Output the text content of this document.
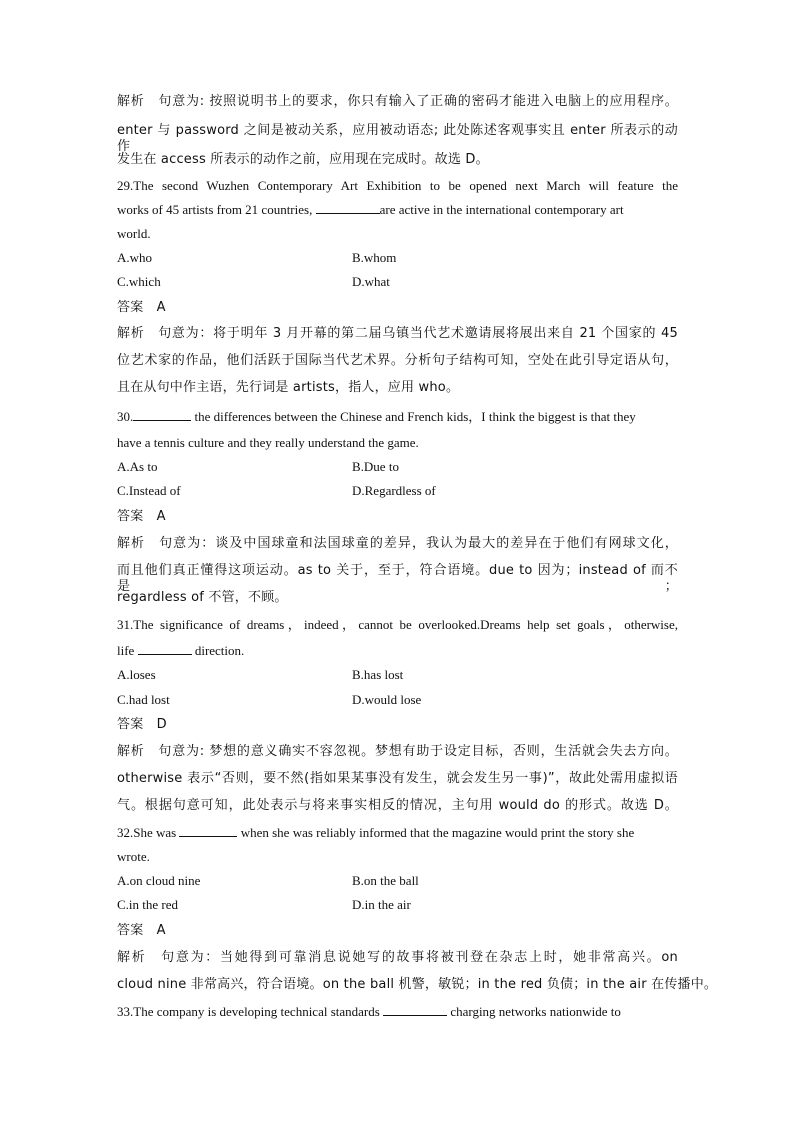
解析　句意为: 按照说明书上的要求，你只有输入了正确的密码才能进入电脑上的应用程序。
enter 与 password 之间是被动关系，应用被动语态; 此处陈述客观事实且 enter 所表示的动作
发生在 access 所表示的动作之前，应用现在完成时。故选 D。
29.The second Wuzhen Contemporary Art Exhibition to be opened next March will feature the
works of 45 artists from 21 countries,	are active in the international contemporary art
world.
A.who	B.whom
C.which	D.what
答案　A
解析　句意为：将于明年 3 月开幕的第二届乌镇当代艺术邀请展将展出来自 21 个国家的 45
位艺术家的作品，他们活跃于国际当代艺术界。分析句子结构可知，空处在此引导定语从句，
且在从句中作主语，先行词是 artists，指人，应用 who。
30.	the differences between the Chinese and French kids，I think the biggest is that they
have a tennis culture and they really understand the game.
A.As to	B.Due to
C.Instead of	D.Regardless of
答案　A
解析　句意为：谈及中国球童和法国球童的差异，我认为最大的差异在于他们有网球文化，
而且他们真正懂得这项运动。as to 关于，至于，符合语境。due to 因为；instead of 而不是；
regardless of 不管，不顾。
31.The significance of dreams，indeed，cannot be overlooked.Dreams help set goals，otherwise,
life	direction.
A.loses	B.has lost
C.had lost	D.would lose
答案　D
解析　句意为: 梦想的意义确实不容忽视。梦想有助于设定目标，否则，生活就会失去方向。
otherwise 表示“否则，要不然(指如果某事没有发生，就会发生另一事)”，故此处需用虚拟语
气。根据句意可知，此处表示与将来事实相反的情况，主句用 would do 的形式。故选 D。
32.She was	when she was reliably informed that the magazine would print the story she
wrote.
A.on cloud nine	B.on the ball
C.in the red	D.in the air
答案　A
解析　句意为：当她得到可靠消息说她写的故事将被刊登在杂志上时，她非常高兴。on
cloud nine 非常高兴，符合语境。on the ball 机警，敏锐；in the red 负债；in the air 在传播中。
33.The company is developing technical standards	charging networks nationwide to
